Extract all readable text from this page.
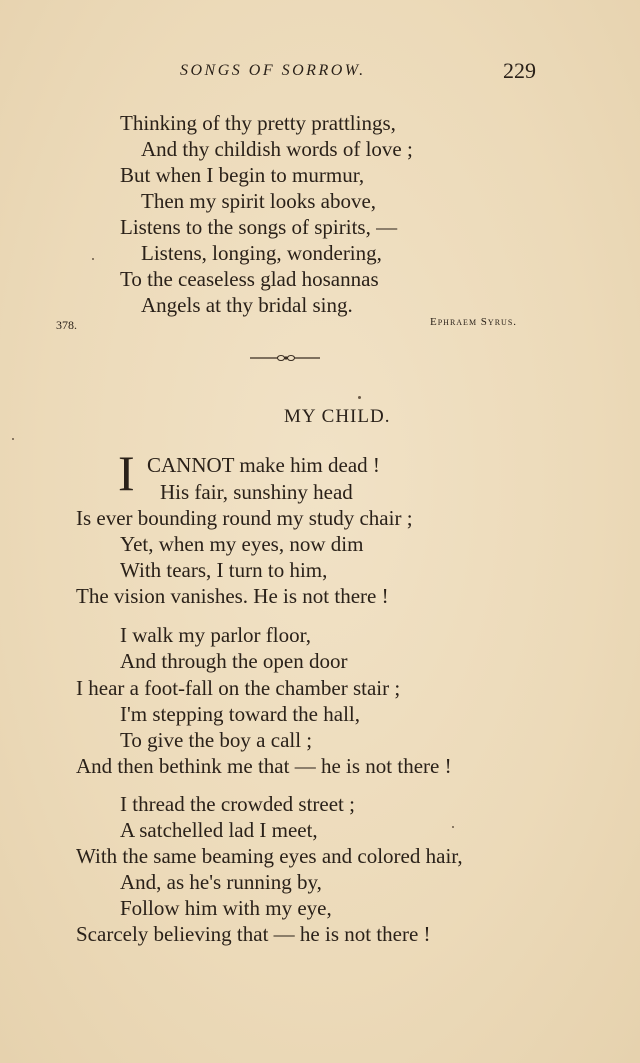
SONGS OF SORROW.	229
Thinking of thy pretty prattlings,
And thy childish words of love ;
But when I begin to murmur,
Then my spirit looks above,
Listens to the songs of spirits, —
Listens, longing, wondering,
To the ceaseless glad hosannas
Angels at thy bridal sing.
378.	Ephraem Syrus.
MY CHILD.
I CANNOT make him dead !
His fair, sunshiny head
Is ever bounding round my study chair ;
Yet, when my eyes, now dim
With tears, I turn to him,
The vision vanishes. He is not there !
I walk my parlor floor,
And through the open door
I hear a foot-fall on the chamber stair ;
I'm stepping toward the hall,
To give the boy a call ;
And then bethink me that — he is not there !
I thread the crowded street ;
A satchelled lad I meet,
With the same beaming eyes and colored hair,
And, as he's running by,
Follow him with my eye,
Scarcely believing that — he is not there !
